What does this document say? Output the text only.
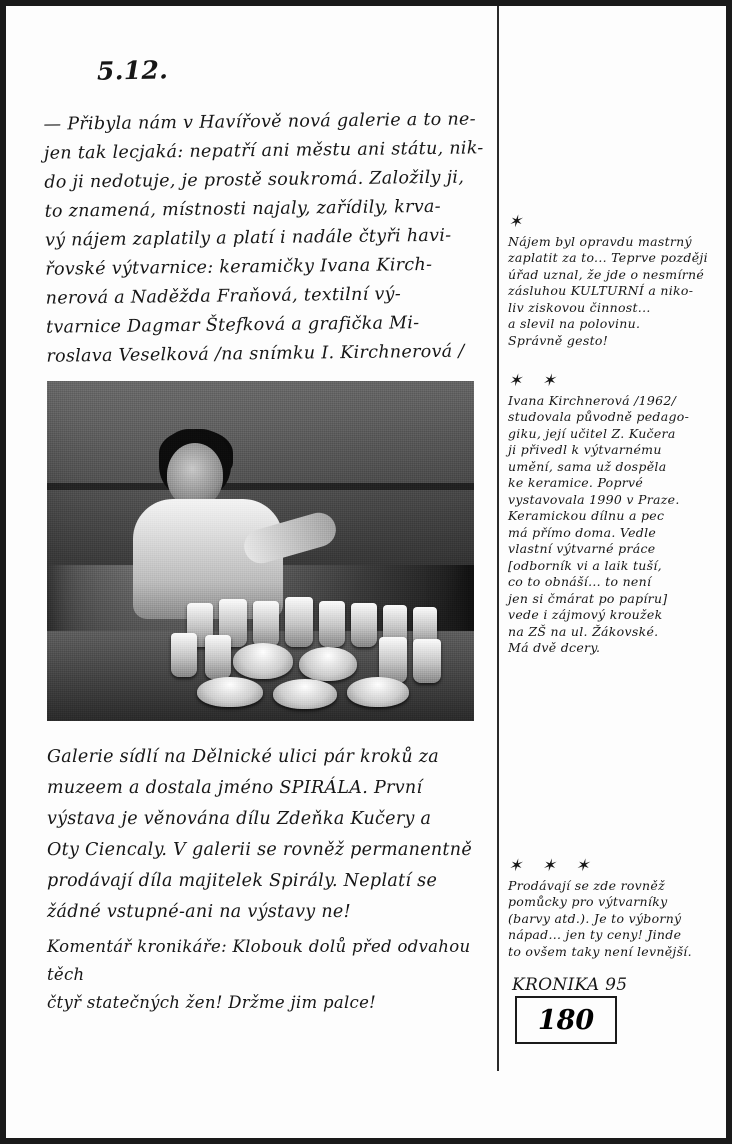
5.12.

— Přibyla nám v Havířově nová galerie a to ne-

jen tak lecjaká: nepatří ani městu ani státu, nik-

do ji nedotuje, je prostě soukromá. Založily ji,

to znamená, místnosti najaly, zařídily, krva-

vý nájem zaplatily a platí i nadále čtyři havi-

řovské výtvarnice: keramičky Ivana Kirch-

nerová a Naděžda Fraňová, textilní vý-

tvarnice Dagmar Štefková a grafička Mi-

roslava Veselková /na snímku I. Kirchnerová /

Galerie sídlí na Dělnické ulici pár kroků za

muzeem a dostala jméno SPIRÁLA. První

výstava je věnována dílu Zdeňka Kučery a

Oty Ciencaly. V galerii se rovněž permanentně

prodávají díla majitelek Spirály. Neplatí se

žádné vstupné-ani na výstavy ne!

Komentář kronikáře: Klobouk dolů před odvahou těch

čtyř statečných žen! Držme jim palce!

✶
Nájem byl opravdu mastrný
zaplatit za to... Teprve později
úřad uznal, že jde o nesmírné
zásluhou KULTURNÍ a niko-
liv ziskovou činnost...
a slevil na polovinu.
Správně gesto!
✶ ✶
Ivana Kirchnerová /1962/
studovala původně pedago-
giku, její učitel Z. Kučera
ji přivedl k výtvarnému
umění, sama už dospěla
ke keramice. Poprvé
vystavovala 1990 v Praze.
Keramickou dílnu a pec
má přímo doma. Vedle
vlastní výtvarné práce
[odborník vi a laik tuší,
co to obnáší... to není
jen si čmárat po papíru]
vede i zájmový kroužek
na ZŠ na ul. Žákovské.
Má dvě dcery.
✶ ✶ ✶
Prodávají se zde rovněž
pomůcky pro výtvarníky
(barvy atd.). Je to výborný
nápad... jen ty ceny! Jinde
to ovšem taky není levnější.
KRONIKA 95
180
